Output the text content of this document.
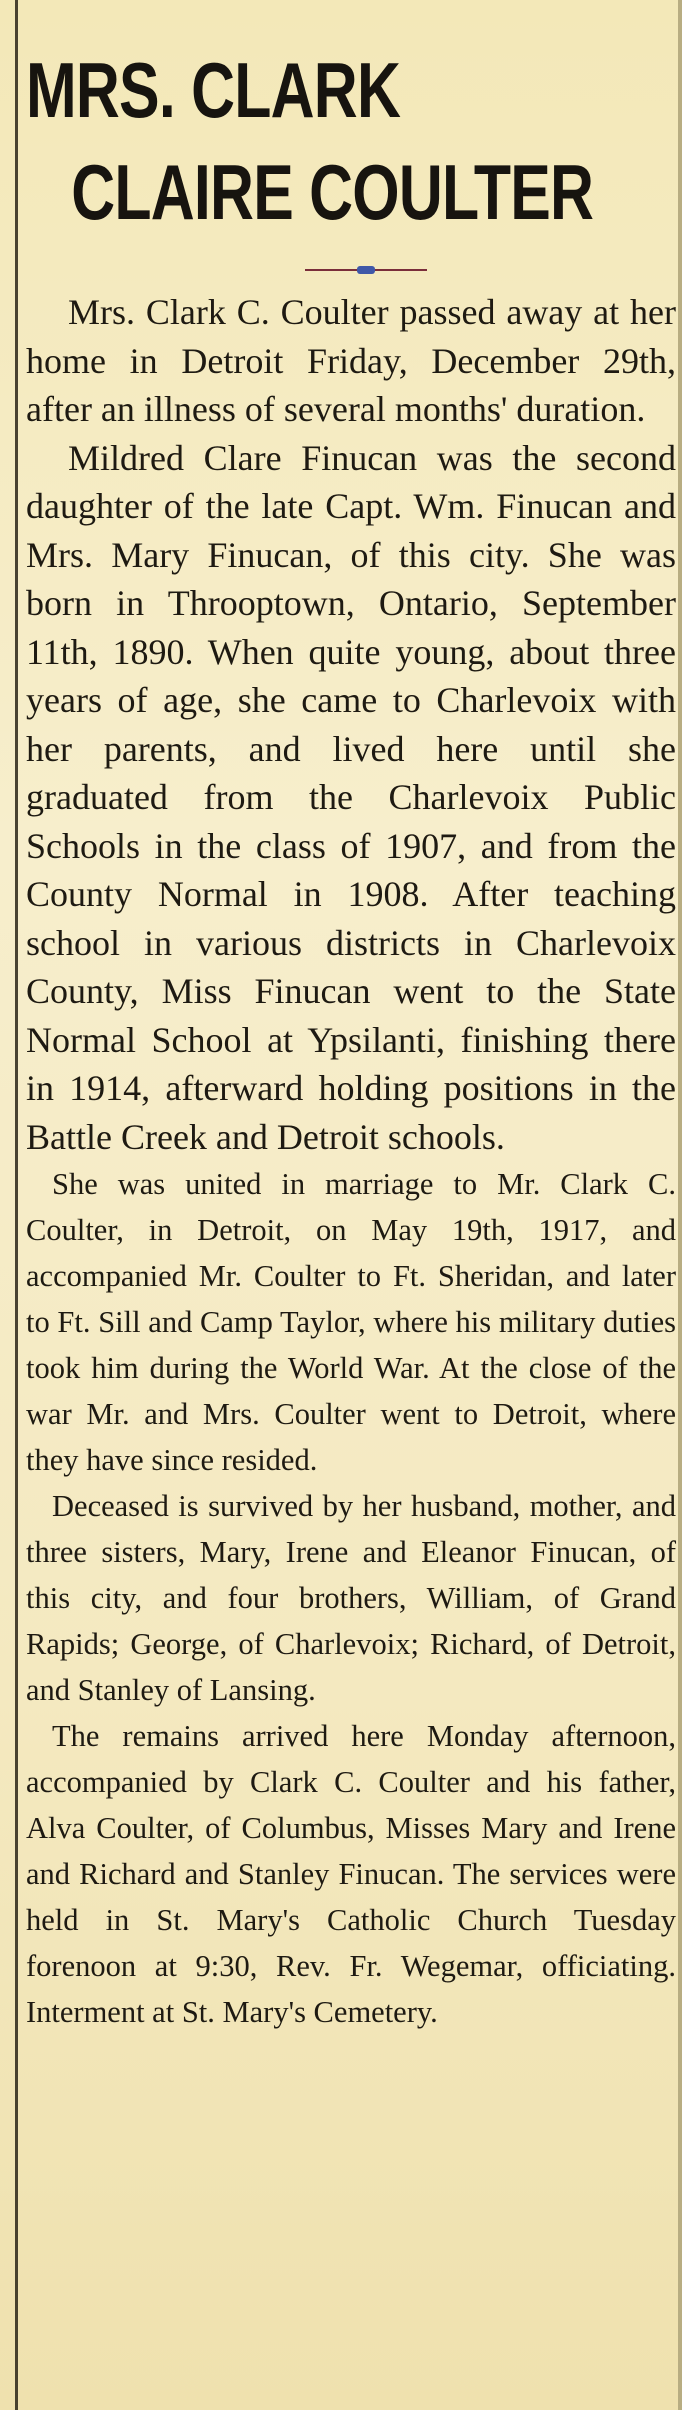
MRS. CLARK
CLAIRE COULTER

Mrs. Clark C. Coulter passed away at her home in Detroit Friday, December 29th, after an illness of several months' duration.

Mildred Clare Finucan was the second daughter of the late Capt. Wm. Finucan and Mrs. Mary Finucan, of this city. She was born in Throoptown, Ontario, September 11th, 1890. When quite young, about three years of age, she came to Charlevoix with her parents, and lived here until she graduated from the Charlevoix Public Schools in the class of 1907, and from the County Normal in 1908. After teaching school in various districts in Charlevoix County, Miss Finucan went to the State Normal School at Ypsilanti, finishing there in 1914, afterward holding positions in the Battle Creek and Detroit schools.

She was united in marriage to Mr. Clark C. Coulter, in Detroit, on May 19th, 1917, and accompanied Mr. Coulter to Ft. Sheridan, and later to Ft. Sill and Camp Taylor, where his military duties took him during the World War. At the close of the war Mr. and Mrs. Coulter went to Detroit, where they have since resided.

Deceased is survived by her husband, mother, and three sisters, Mary, Irene and Eleanor Finucan, of this city, and four brothers, William, of Grand Rapids; George, of Charlevoix; Richard, of Detroit, and Stanley of Lansing.

The remains arrived here Monday afternoon, accompanied by Clark C. Coulter and his father, Alva Coulter, of Columbus, Misses Mary and Irene and Richard and Stanley Finucan. The services were held in St. Mary's Catholic Church Tuesday forenoon at 9:30, Rev. Fr. Wegemar, officiating. Interment at St. Mary's Cemetery.
